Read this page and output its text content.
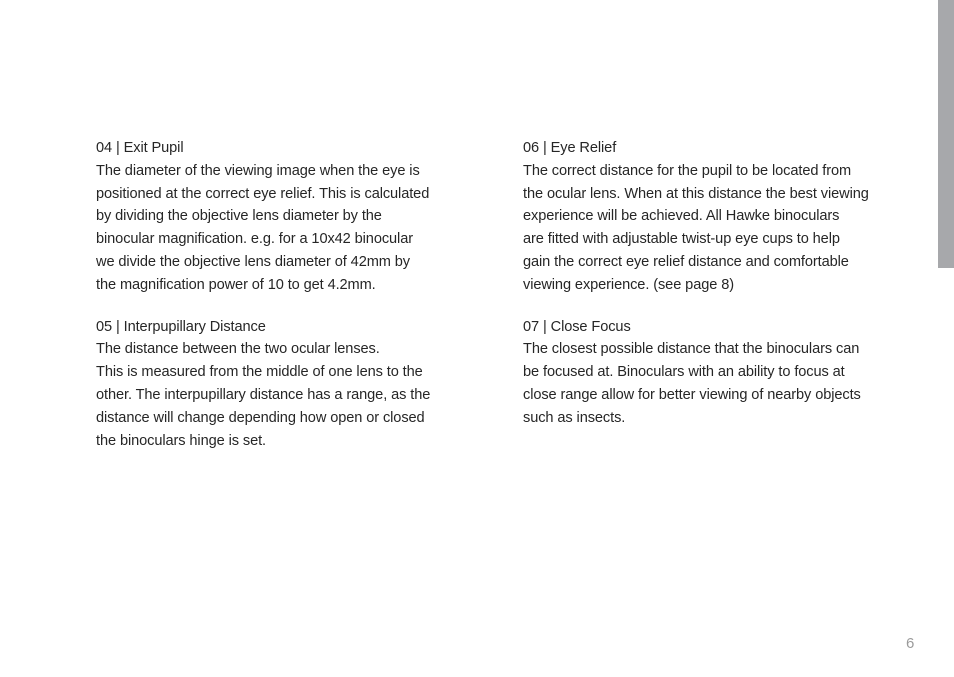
04 | Exit Pupil

The diameter of the viewing image when the eye is

positioned at the correct eye relief. This is calculated

by dividing the objective lens diameter by the

binocular magnification. e.g. for a 10x42 binocular

we divide the objective lens diameter of 42mm by

the magnification power of 10 to get 4.2mm.

05 | Interpupillary Distance

The distance between the two ocular lenses.

This is measured from the middle of one lens to the

other. The interpupillary distance has a range, as the

distance will change depending how open or closed

the binoculars hinge is set.

06 | Eye Relief

The correct distance for the pupil to be located from

the ocular lens. When at this distance the best viewing

experience will be achieved. All Hawke binoculars

are fitted with adjustable twist-up eye cups to help

gain the correct eye relief distance and comfortable

viewing experience. (see page 8)

07 | Close Focus

The closest possible distance that the binoculars can

be focused at. Binoculars with an ability to focus at

close range allow for better viewing of nearby objects

such as insects.

6
